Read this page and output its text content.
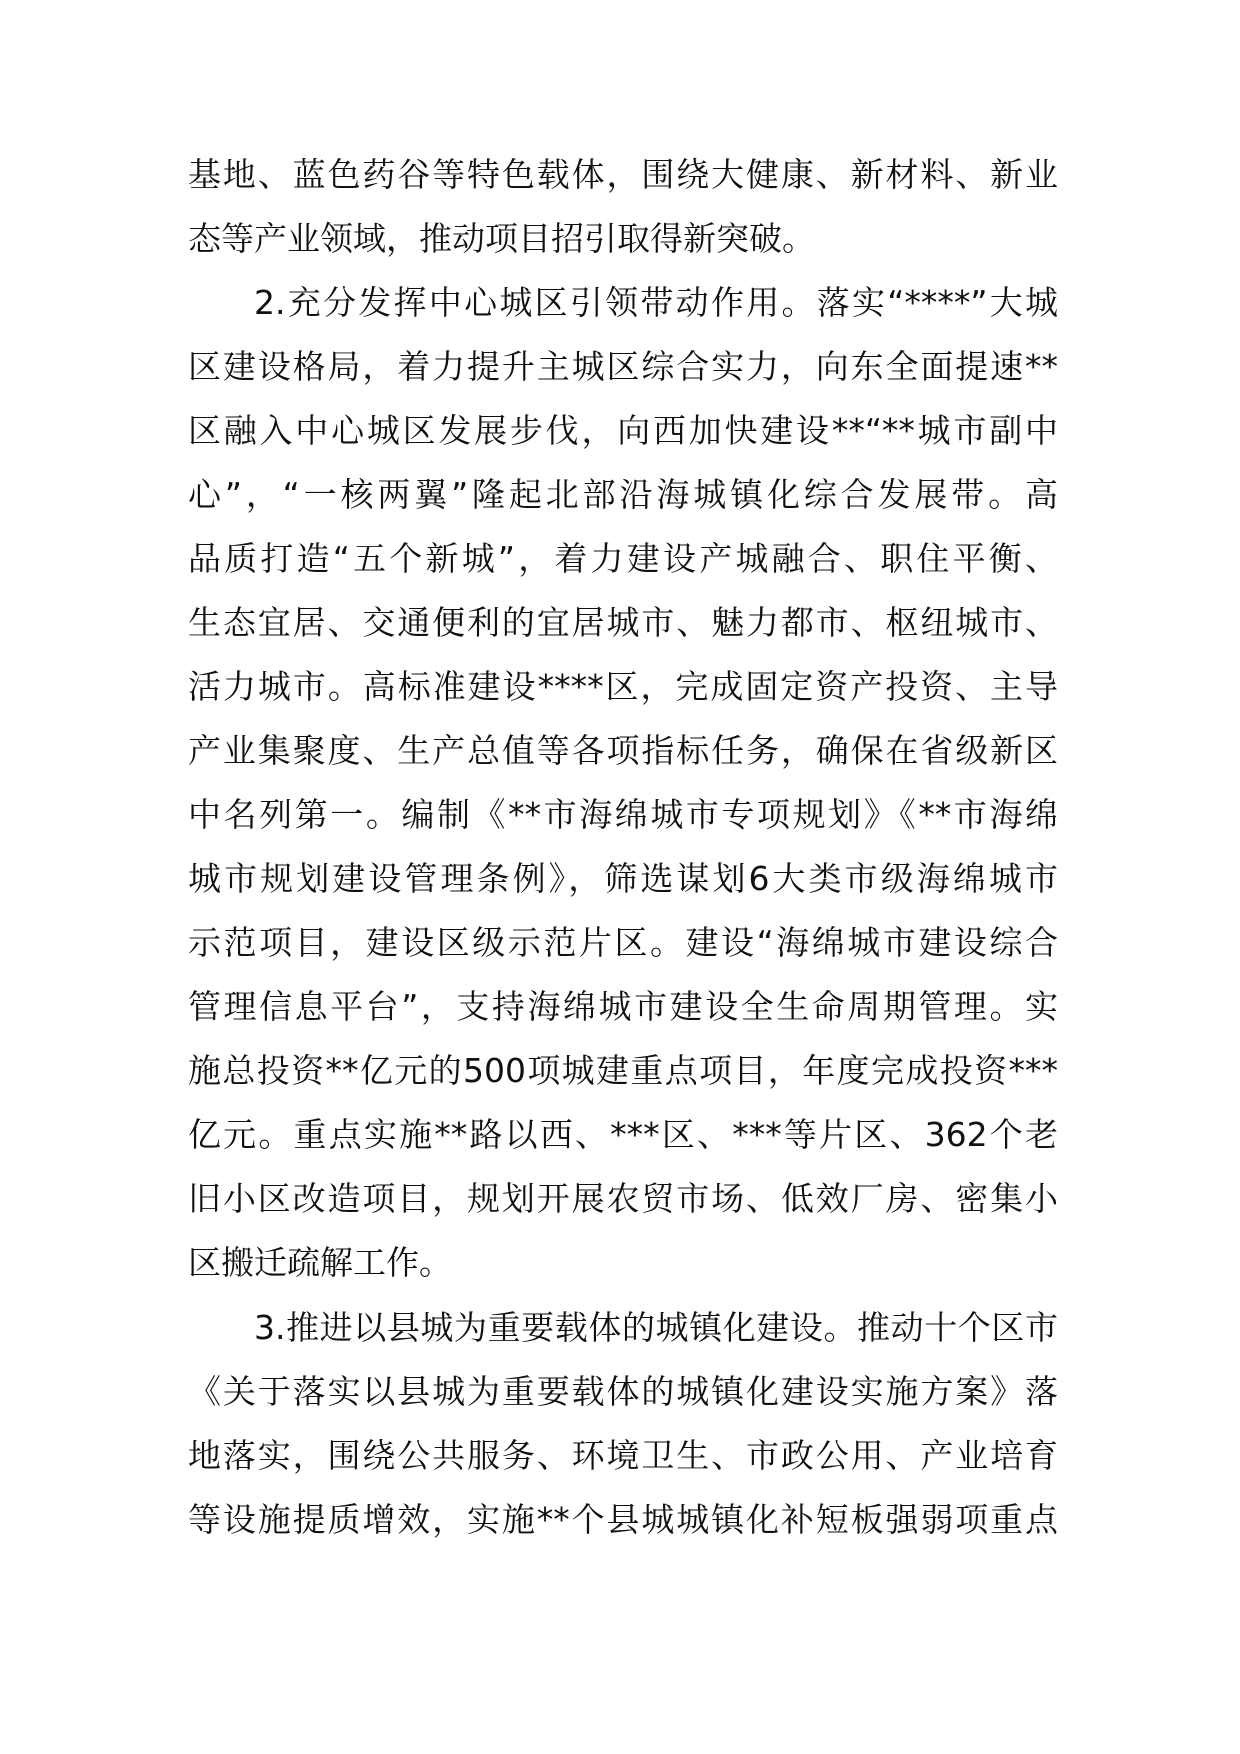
基地、蓝色药谷等特色载体，围绕大健康、新材料、新业
态等产业领域，推动项目招引取得新突破。
2.充分发挥中心城区引领带动作用。落实“****”大城
区建设格局，着力提升主城区综合实力，向东全面提速**
区融入中心城区发展步伐，向西加快建设**“**城市副中
心”，“一核两翼”隆起北部沿海城镇化综合发展带。高
品质打造“五个新城”，着力建设产城融合、职住平衡、
生态宜居、交通便利的宜居城市、魅力都市、枢纽城市、
活力城市。高标准建设****区，完成固定资产投资、主导
产业集聚度、生产总值等各项指标任务，确保在省级新区
中名列第一。编制《**市海绵城市专项规划》《**市海绵
城市规划建设管理条例》，筛选谋划6大类市级海绵城市
示范项目，建设区级示范片区。建设“海绵城市建设综合
管理信息平台”，支持海绵城市建设全生命周期管理。实
施总投资**亿元的500项城建重点项目，年度完成投资***
亿元。重点实施**路以西、***区、***等片区、362个老
旧小区改造项目，规划开展农贸市场、低效厂房、密集小
区搬迁疏解工作。
3.推进以县城为重要载体的城镇化建设。推动十个区市
《关于落实以县城为重要载体的城镇化建设实施方案》落
地落实，围绕公共服务、环境卫生、市政公用、产业培育
等设施提质增效，实施**个县城城镇化补短板强弱项重点
